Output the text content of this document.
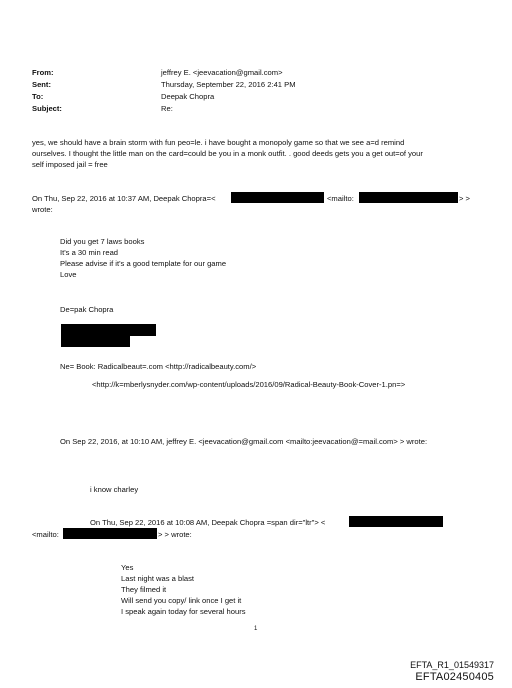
From:	jeffrey E. <jeevacation@gmail.com>
Sent:	Thursday, September 22, 2016 2:41 PM
To:	Deepak Chopra
Subject:	Re:
yes, we should have a brain storm with fun peo=le. i have bought a monopoly game so that we see a=d remind
ourselves. I thought the little man on the card=could be you in a monk outfit. . good deeds gets you a get out=of your
self imposed jail = free
On Thu, Sep 22, 2016 at 10:37 AM, Deepak Chopra=<	<mailto:	> >
wrote:
Did you get 7 laws books
It's a 30 min read
Please advise if it's a good template for our game
Love
De=pak Chopra
Ne= Book: Radicalbeaut=.com <http://radicalbeauty.com/>
<http://k=mberlysnyder.com/wp-content/uploads/2016/09/Radical-Beauty-Book-Cover-1.pn=>
On Sep 22, 2016, at 10:10 AM, jeffrey E. <jeevacation@gmail.com <mailto:jeevacation@=mail.com> > wrote:
i know charley
On Thu, Sep 22, 2016 at 10:08 AM, Deepak Chopra =span dir="ltr"> <
<mailto:	> > wrote:
Yes
Last night was a blast
They filmed it
Will send you copy/ link once I get it
I speak again today for several hours
1
EFTA_R1_01549317
EFTA02450405
